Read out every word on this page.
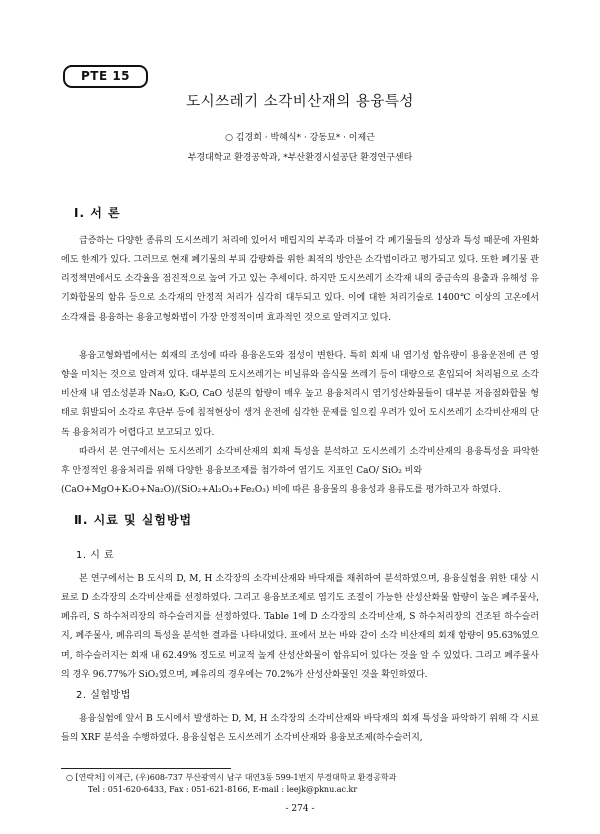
PTE 15
도시쓰레기 소각비산재의 용융특성
○ 김경희 · 박혜식* · 강동묘* · 이제근
부경대학교 환경공학과, *부산환경시설공단 환경연구센타
Ⅰ. 서 론

급증하는 다양한 종류의 도시쓰레기 처리에 있어서 매립지의 부족과 더불어 각 폐기물들의 성상과 특성 때문에 자원화에도 한계가 있다. 그러므로 현재 폐기물의 부피 감량화를 위한 최적의 방안은 소각법이라고 평가되고 있다. 또한 폐기물 관리정책면에서도 소각율을 점진적으로 높여 가고 있는 추세이다. 하지만 도시쓰레기 소각재 내의 중금속의 용출과 유해성 유기화합물의 함유 등으로 소각재의 안정적 처리가 심각히 대두되고 있다. 이에 대한 처리기술로 1400℃ 이상의 고온에서 소각재를 용융하는 용융고형화법이 가장 안정적이며 효과적인 것으로 알려지고 있다.

용융고형화법에서는 회재의 조성에 따라 용융온도와 점성이 변한다. 특히 회재 내 염기성 함유량이 용융운전에 큰 영향을 미치는 것으로 알려져 있다. 대부분의 도시쓰레기는 비닐류와 음식물 쓰레기 등이 대량으로 혼입되어 처리됨으로 소각비산재 내 염소성분과 Na₂O, K₂O, CaO 성분의 함량이 매우 높고 용융처리시 염기성산화물들이 대부분 저융점화합물 형태로 휘발되어 소각로 후단부 등에 침적현상이 생겨 운전에 심각한 문제를 일으킬 우려가 있어 도시쓰레기 소각비산재의 단독 용융처리가 어렵다고 보고되고 있다.

따라서 본 연구에서는 도시쓰레기 소각비산재의 회재 특성을 분석하고 도시쓰레기 소각비산재의 용융특성을 파악한 후 안정적인 용융처리를 위해 다양한 용융보조제를 첨가하여 염기도 지표인 CaO/ SiO₂ 비와
(CaO+MgO+K₂O+Na₂O)/(SiO₂+Al₂O₃+Fe₂O₃) 비에 따른 용융물의 용융성과 용류도를 평가하고자 하였다.

Ⅱ. 시료 및 실험방법
1. 시 료

본 연구에서는 B 도시의 D, M, H 소각장의 소각비산재와 바닥재를 채취하여 분석하였으며, 용융실험을 위한 대상 시료로 D 소각장의 소각비산재를 선정하였다. 그리고 용융보조제로 염기도 조절이 가능한 산성산화물 함량이 높은 폐주물사, 폐유리, S 하수처리장의 하수슬러지를 선정하였다. Table 1에 D 소각장의 소각비산재, S 하수처리장의 건조된 하수슬러지, 폐주물사, 폐유리의 특성을 분석한 결과를 나타내었다. 표에서 보는 바와 같이 소각 비산재의 회재 함량이 95.63%였으며, 하수슬러지는 회재 내 62.49% 정도로 비교적 높게 산성산화물이 함유되어 있다는 것을 알 수 있었다. 그리고 폐주물사의 경우 96.77%가 SiO₂였으며, 폐유리의 경우에는 70.2%가 산성산화물인 것을 확인하였다.

2. 실험방법

용융실험에 앞서 B 도시에서 발생하는 D, M, H 소각장의 소각비산재와 바닥재의 회재 특성을 파악하기 위해 각 시료들의 XRF 분석을 수행하였다. 용융실험은 도시쓰레기 소각비산재와 용융보조제(하수슬러지,

○ [연락처] 이제근, (우)608-737 부산광역시 남구 대연3동 599-1번지 부경대학교 환경공학과
Tel : 051-620-6433, Fax : 051-621-8166, E-mail : leejk@pknu.ac.kr
- 274 -
